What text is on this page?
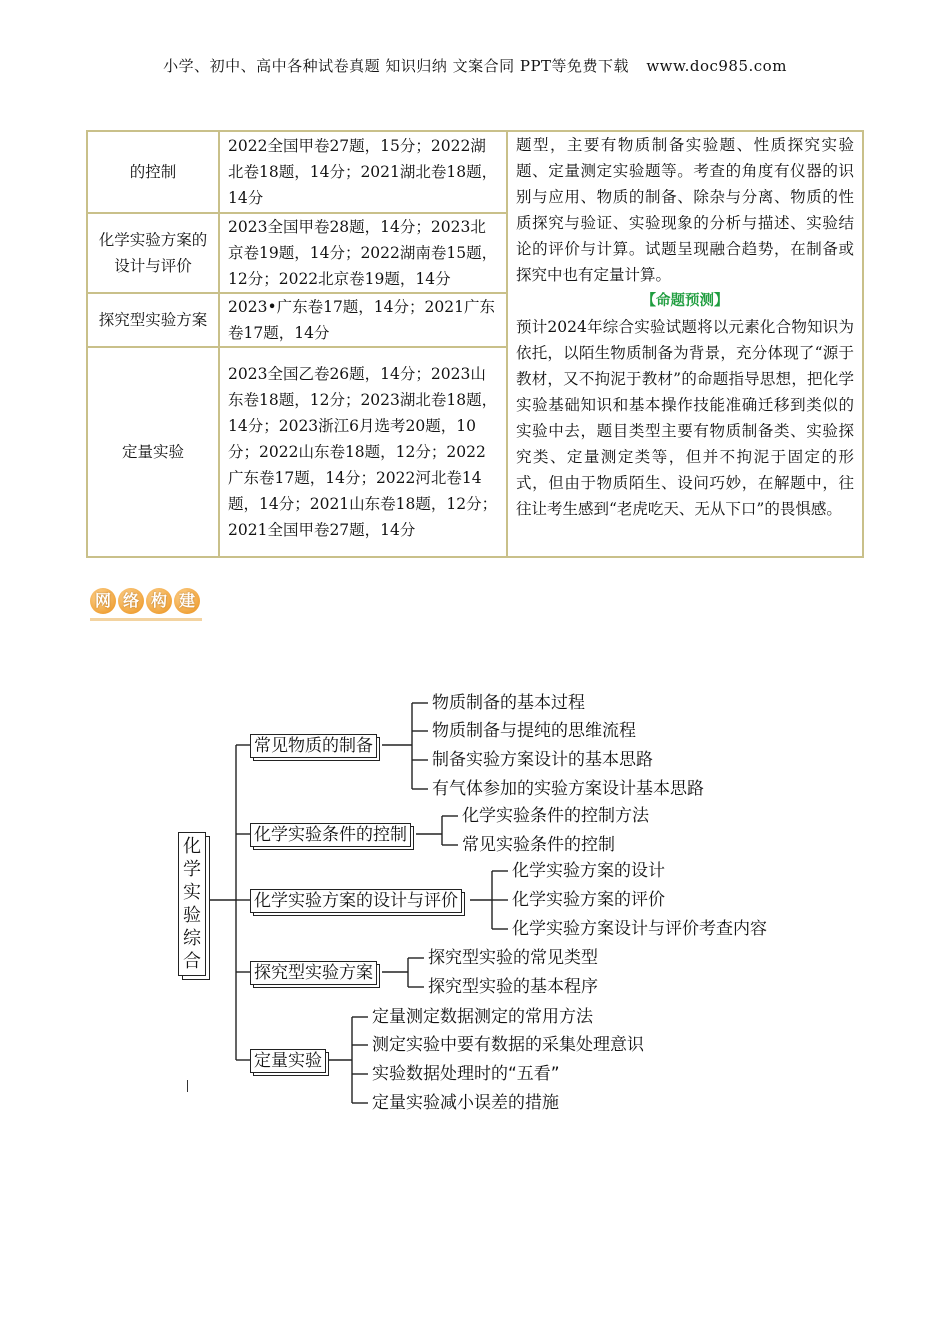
小学、初中、高中各种试卷真题 知识归纳 文案合同 PPT等免费下载 www.doc985.com
的控制	2022全国甲卷27题，15分；2022湖北卷18题，14分；2021湖北卷18题，14分	题型，主要有物质制备实验题、性质探究实验题、定量测定实验题等。考查的角度有仪器的识别与应用、物质的制备、除杂与分离、物质的性质探究与验证、实验现象的分析与描述、实验结论的评价与计算。试题呈现融合趋势，在制备或探究中也有定量计算。
【命题预测】
预计2024年综合实验试题将以元素化合物知识为依托，以陌生物质制备为背景，充分体现了“源于教材，又不拘泥于教材”的命题指导思想，把化学实验基础知识和基本操作技能准确迁移到类似的实验中去，题目类型主要有物质制备类、实验探究类、定量测定类等，但并不拘泥于固定的形式，但由于物质陌生、设问巧妙，在解题中，往往让考生感到“老虎吃天、无从下口”的畏惧感。

化学实验方案的设计与评价	2023全国甲卷28题，14分；2023北京卷19题，14分；2022湖南卷15题，12分；2022北京卷19题，14分	
探究型实验方案	2023•广东卷17题，14分；2021广东卷17题，14分	
定量实验	2023全国乙卷26题，14分；2023山东卷18题，12分；2023湖北卷18题，14分；2023浙江6月选考20题，10分；2022山东卷18题，12分；2022广东卷17题，14分；2022河北卷14题，14分；2021山东卷18题，12分；2021全国甲卷27题，14分	
网 络 构 建
化
学
实
验
综
合
常见物质的制备
化学实验条件的控制
化学实验方案的设计与评价
探究型实验方案
定量实验
物质制备的基本过程
物质制备与提纯的思维流程
制备实验方案设计的基本思路
有气体参加的实验方案设计基本思路
化学实验条件的控制方法
常见实验条件的控制
化学实验方案的设计
化学实验方案的评价
化学实验方案设计与评价考查内容
探究型实验的常见类型
探究型实验的基本程序
定量测定数据测定的常用方法
测定实验中要有数据的采集处理意识
实验数据处理时的“五看”
定量实验减小误差的措施
